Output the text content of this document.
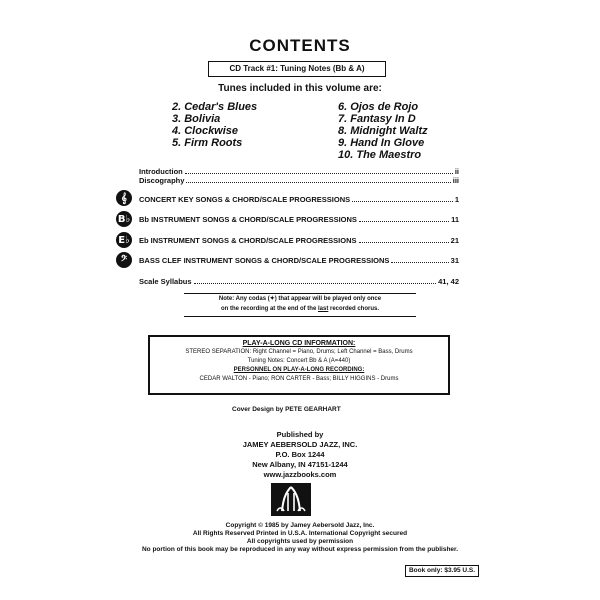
CONTENTS
CD Track #1: Tuning Notes (Bb & A)
Tunes included in this volume are:
2. Cedar's Blues
3. Bolivia
4. Clockwise
5. Firm Roots
6. Ojos de Rojo
7. Fantasy In D
8. Midnight Waltz
9. Hand In Glove
10. The Maestro
Introduction	ii
Discography	iii
𝄞	CONCERT KEY SONGS & CHORD/SCALE PROGRESSIONS	1
B♭ Bb INSTRUMENT SONGS & CHORD/SCALE PROGRESSIONS	11
E♭ Eb INSTRUMENT SONGS & CHORD/SCALE PROGRESSIONS	21
𝄢	BASS CLEF INSTRUMENT SONGS & CHORD/SCALE PROGRESSIONS	31
Scale Syllabus	41, 42
Note: Any codas (✦) that appear will be played only once
on the recording at the end of the last recorded chorus.
PLAY-A-LONG CD INFORMATION:
STEREO SEPARATION: Right Channel = Piano, Drums; Left Channel = Bass, Drums
Tuning Notes: Concert Bb & A (A=440)
PERSONNEL ON PLAY-A-LONG RECORDING:
CEDAR WALTON - Piano; RON CARTER - Bass; BILLY HIGGINS - Drums
Cover Design by PETE GEARHART
Published by
JAMEY AEBERSOLD JAZZ, INC.
P.O. Box 1244
New Albany, IN 47151-1244
www.jazzbooks.com
Copyright © 1985 by Jamey Aebersold Jazz, Inc.
All Rights Reserved Printed in U.S.A. International Copyright secured
All copyrights used by permission
No portion of this book may be reproduced in any way without express permission from the publisher.
Book only: $3.95 U.S.
